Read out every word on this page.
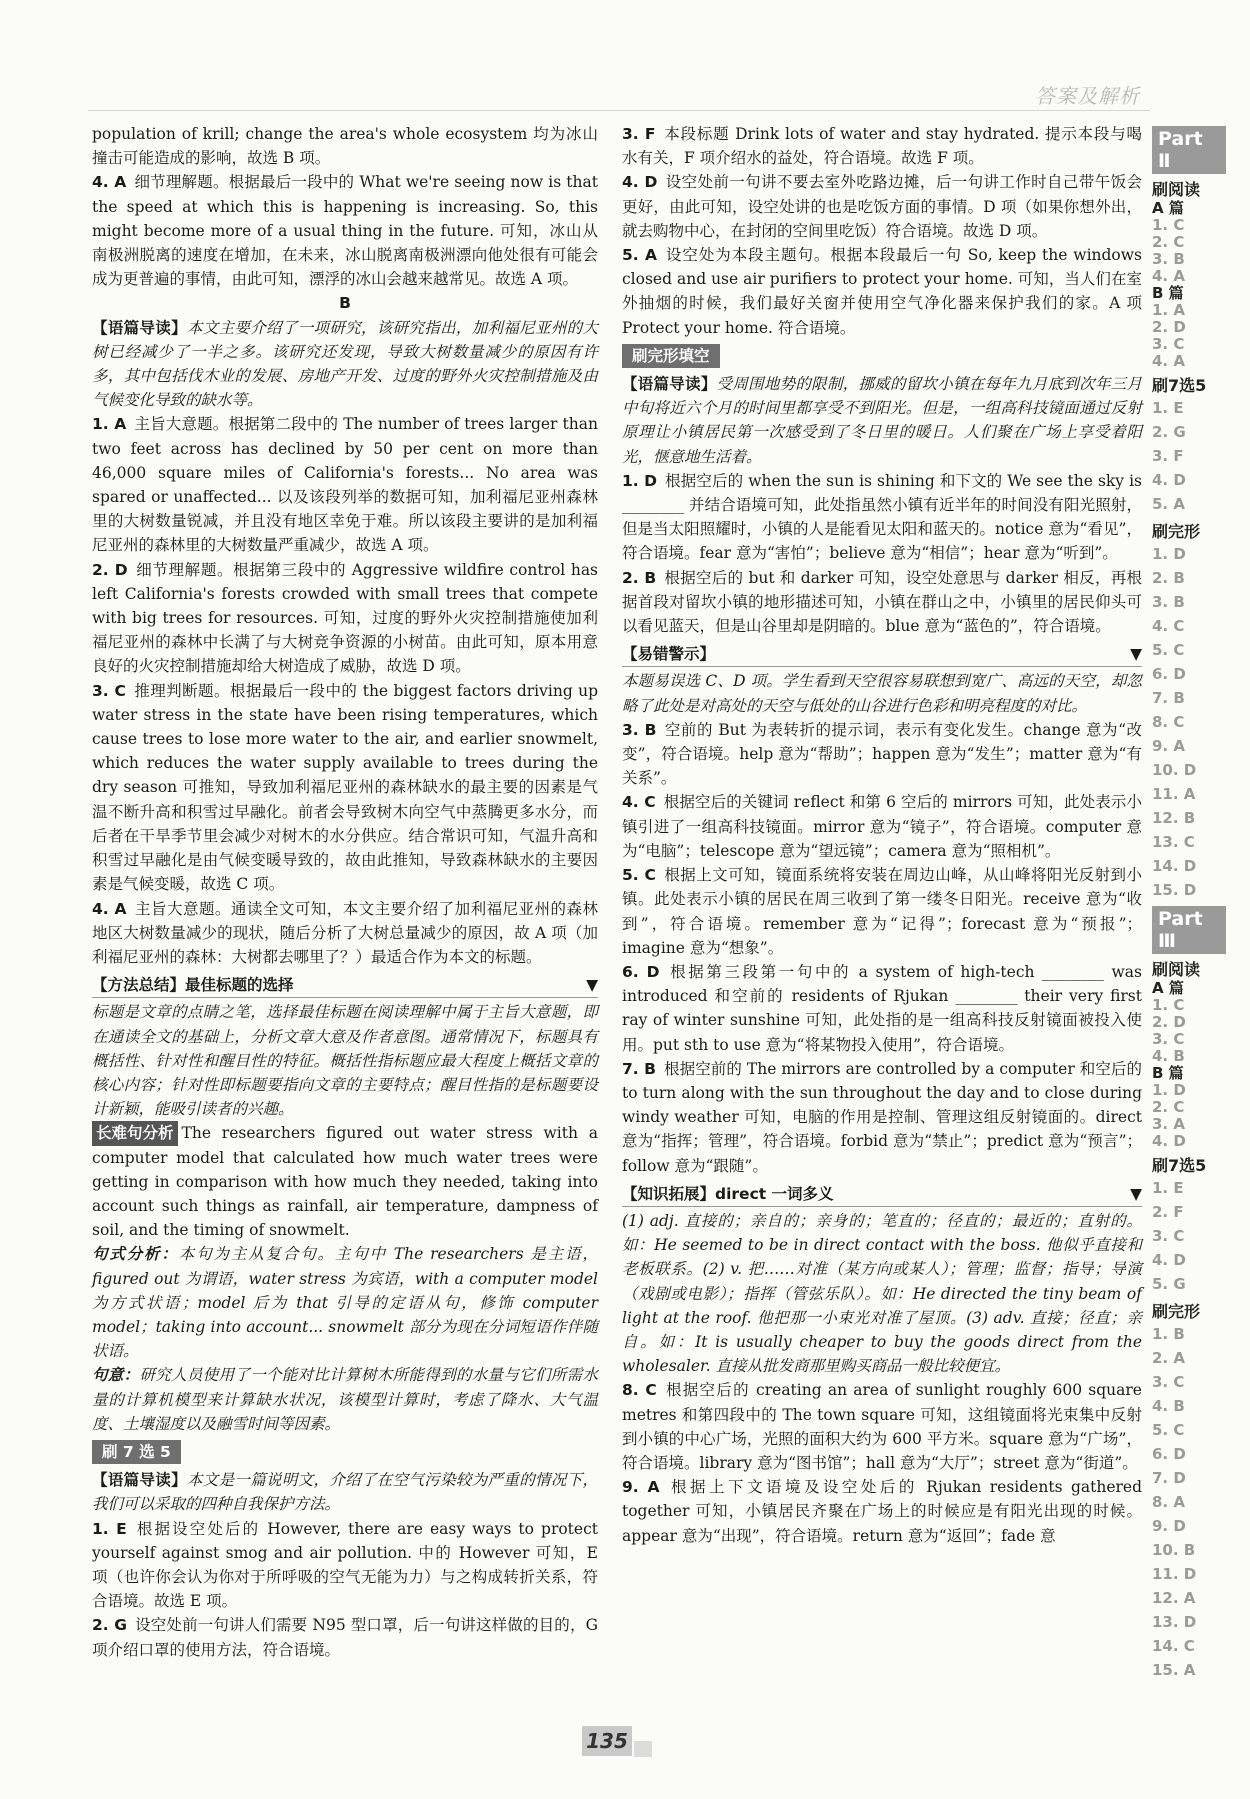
答案及解析

population of krill; change the area's whole ecosystem 均为冰山撞击可能造成的影响，故选 B 项。

4. A 细节理解题。根据最后一段中的 What we're seeing now is that the speed at which this is happening is increasing. So, this might become more of a usual thing in the future. 可知，冰山从南极洲脱离的速度在增加，在未来，冰山脱离南极洲漂向他处很有可能会成为更普遍的事情，由此可知，漂浮的冰山会越来越常见。故选 A 项。

B

【语篇导读】本文主要介绍了一项研究，该研究指出，加利福尼亚州的大树已经减少了一半之多。该研究还发现，导致大树数量减少的原因有许多，其中包括伐木业的发展、房地产开发、过度的野外火灾控制措施及由气候变化导致的缺水等。

1. A 主旨大意题。根据第二段中的 The number of trees larger than two feet across has declined by 50 per cent on more than 46,000 square miles of California's forests... No area was spared or unaffected... 以及该段列举的数据可知，加利福尼亚州森林里的大树数量锐减，并且没有地区幸免于难。所以该段主要讲的是加利福尼亚州的森林里的大树数量严重减少，故选 A 项。

2. D 细节理解题。根据第三段中的 Aggressive wildfire control has left California's forests crowded with small trees that compete with big trees for resources. 可知，过度的野外火灾控制措施使加利福尼亚州的森林中长满了与大树竞争资源的小树苗。由此可知，原本用意良好的火灾控制措施却给大树造成了威胁，故选 D 项。

3. C 推理判断题。根据最后一段中的 the biggest factors driving up water stress in the state have been rising temperatures, which cause trees to lose more water to the air, and earlier snowmelt, which reduces the water supply available to trees during the dry season 可推知，导致加利福尼亚州的森林缺水的最主要的因素是气温不断升高和积雪过早融化。前者会导致树木向空气中蒸腾更多水分，而后者在干旱季节里会减少对树木的水分供应。结合常识可知，气温升高和积雪过早融化是由气候变暖导致的，故由此推知，导致森林缺水的主要因素是气候变暖，故选 C 项。

4. A 主旨大意题。通读全文可知，本文主要介绍了加利福尼亚州的森林地区大树数量减少的现状，随后分析了大树总量减少的原因，故 A 项（加利福尼亚州的森林：大树都去哪里了？）最适合作为本文的标题。

【方法总结】最佳标题的选择	▼

标题是文章的点睛之笔，选择最佳标题在阅读理解中属于主旨大意题，即在通读全文的基础上，分析文章大意及作者意图。通常情况下，标题具有概括性、针对性和醒目性的特征。概括性指标题应最大程度上概括文章的核心内容；针对性即标题要指向文章的主要特点；醒目性指的是标题要设计新颖，能吸引读者的兴趣。

长难句分析 The researchers figured out water stress with a computer model that calculated how much water trees were getting in comparison with how much they needed, taking into account such things as rainfall, air temperature, dampness of soil, and the timing of snowmelt.

句式分析：本句为主从复合句。主句中 The researchers 是主语，figured out 为谓语，water stress 为宾语，with a computer model 为方式状语；model 后为 that 引导的定语从句，修饰 computer model；taking into account... snowmelt 部分为现在分词短语作伴随状语。

句意：研究人员使用了一个能对比计算树木所能得到的水量与它们所需水量的计算机模型来计算缺水状况，该模型计算时，考虑了降水、大气温度、土壤湿度以及融雪时间等因素。

刷 7 选 5

【语篇导读】本文是一篇说明文，介绍了在空气污染较为严重的情况下，我们可以采取的四种自我保护方法。

1. E 根据设空处后的 However, there are easy ways to protect yourself against smog and air pollution. 中的 However 可知，E 项（也许你会认为你对于所呼吸的空气无能为力）与之构成转折关系，符合语境。故选 E 项。

2. G 设空处前一句讲人们需要 N95 型口罩，后一句讲这样做的目的，G 项介绍口罩的使用方法，符合语境。

3. F 本段标题 Drink lots of water and stay hydrated. 提示本段与喝水有关，F 项介绍水的益处，符合语境。故选 F 项。

4. D 设空处前一句讲不要去室外吃路边摊，后一句讲工作时自己带午饭会更好，由此可知，设空处讲的也是吃饭方面的事情。D 项（如果你想外出，就去购物中心，在封闭的空间里吃饭）符合语境。故选 D 项。

5. A 设空处为本段主题句。根据本段最后一句 So, keep the windows closed and use air purifiers to protect your home. 可知，当人们在室外抽烟的时候，我们最好关窗并使用空气净化器来保护我们的家。A 项 Protect your home. 符合语境。

刷完形填空

【语篇导读】受周围地势的限制，挪威的留坎小镇在每年九月底到次年三月中旬将近六个月的时间里都享受不到阳光。但是，一组高科技镜面通过反射原理让小镇居民第一次感受到了冬日里的暖日。人们聚在广场上享受着阳光，惬意地生活着。

1. D 根据空后的 when the sun is shining 和下文的 We see the sky is ________ 并结合语境可知，此处指虽然小镇有近半年的时间没有阳光照射，但是当太阳照耀时，小镇的人是能看见太阳和蓝天的。notice 意为“看见”，符合语境。fear 意为“害怕”；believe 意为“相信”；hear 意为“听到”。

2. B 根据空后的 but 和 darker 可知，设空处意思与 darker 相反，再根据首段对留坎小镇的地形描述可知，小镇在群山之中，小镇里的居民仰头可以看见蓝天，但是山谷里却是阴暗的。blue 意为“蓝色的”，符合语境。

【易错警示】	▼

本题易误选 C、D 项。学生看到天空很容易联想到宽广、高远的天空，却忽略了此处是对高处的天空与低处的山谷进行色彩和明亮程度的对比。

3. B 空前的 But 为表转折的提示词，表示有变化发生。change 意为“改变”，符合语境。help 意为“帮助”；happen 意为“发生”；matter 意为“有关系”。

4. C 根据空后的关键词 reflect 和第 6 空后的 mirrors 可知，此处表示小镇引进了一组高科技镜面。mirror 意为“镜子”，符合语境。computer 意为“电脑”；telescope 意为“望远镜”；camera 意为“照相机”。

5. C 根据上文可知，镜面系统将安装在周边山峰，从山峰将阳光反射到小镇。此处表示小镇的居民在周三收到了第一缕冬日阳光。receive 意为“收到”，符合语境。remember 意为“记得”；forecast 意为“预报”；imagine 意为“想象”。

6. D 根据第三段第一句中的 a system of high-tech ________ was introduced 和空前的 residents of Rjukan ________ their very first ray of winter sunshine 可知，此处指的是一组高科技反射镜面被投入使用。put sth to use 意为“将某物投入使用”，符合语境。

7. B 根据空前的 The mirrors are controlled by a computer 和空后的 to turn along with the sun throughout the day and to close during windy weather 可知，电脑的作用是控制、管理这组反射镜面的。direct 意为“指挥；管理”，符合语境。forbid 意为“禁止”；predict 意为“预言”；follow 意为“跟随”。

【知识拓展】direct 一词多义	▼

(1) adj. 直接的；亲自的；亲身的；笔直的；径直的；最近的；直射的。如：He seemed to be in direct contact with the boss. 他似乎直接和老板联系。(2) v. 把……对准（某方向或某人）；管理；监督；指导；导演（戏剧或电影）；指挥（管弦乐队）。如：He directed the tiny beam of light at the roof. 他把那一小束光对准了屋顶。(3) adv. 直接；径直；亲自。如：It is usually cheaper to buy the goods direct from the wholesaler. 直接从批发商那里购买商品一般比较便宜。

8. C 根据空后的 creating an area of sunlight roughly 600 square metres 和第四段中的 The town square 可知，这组镜面将光束集中反射到小镇的中心广场，光照的面积大约为 600 平方米。square 意为“广场”，符合语境。library 意为“图书馆”；hall 意为“大厅”；street 意为“街道”。

9. A 根据上下文语境及设空处后的 Rjukan residents gathered together 可知，小镇居民齐聚在广场上的时候应是有阳光出现的时候。appear 意为“出现”，符合语境。return 意为“返回”；fade 意

Part Ⅱ
刷阅读
A 篇
1. C
2. C
3. B
4. A
B 篇
1. A
2. D
3. C
4. A
刷7选5
1. E
2. G
3. F
4. D
5. A
刷完形
1. D
2. B
3. B
4. C
5. C
6. D
7. B
8. C
9. A
10. D
11. A
12. B
13. C
14. D
15. D
Part Ⅲ
刷阅读
A 篇
1. C
2. D
3. C
4. B
B 篇
1. D
2. C
3. A
4. D
刷7选5
1. E
2. F
3. C
4. D
5. G
刷完形
1. B
2. A
3. C
4. B
5. C
6. D
7. D
8. A
9. D
10. B
11. D
12. A
13. D
14. C
15. A
135
